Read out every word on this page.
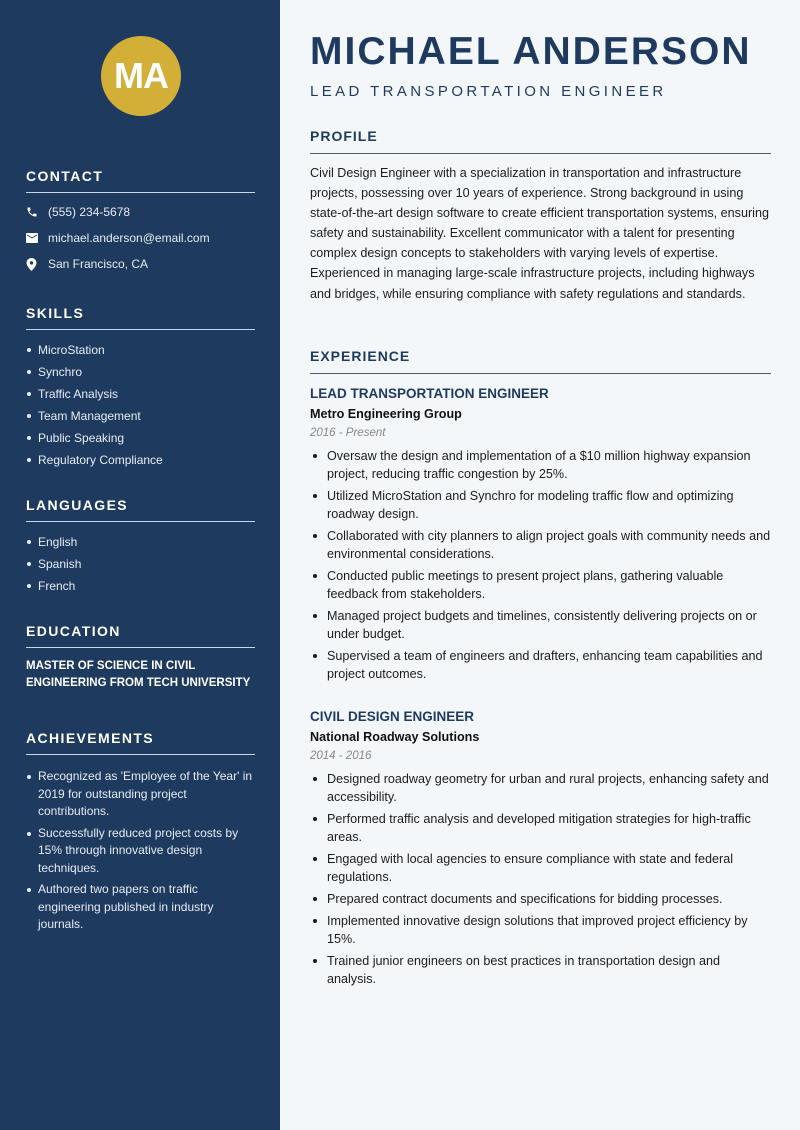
MA
CONTACT
(555) 234-5678
michael.anderson@email.com
San Francisco, CA
SKILLS
MicroStation
Synchro
Traffic Analysis
Team Management
Public Speaking
Regulatory Compliance
LANGUAGES
English
Spanish
French
EDUCATION
MASTER OF SCIENCE IN CIVIL ENGINEERING FROM TECH UNIVERSITY
ACHIEVEMENTS
Recognized as 'Employee of the Year' in 2019 for outstanding project contributions.
Successfully reduced project costs by 15% through innovative design techniques.
Authored two papers on traffic engineering published in industry journals.
MICHAEL ANDERSON
LEAD TRANSPORTATION ENGINEER
PROFILE
Civil Design Engineer with a specialization in transportation and infrastructure projects, possessing over 10 years of experience. Strong background in using state-of-the-art design software to create efficient transportation systems, ensuring safety and sustainability. Excellent communicator with a talent for presenting complex design concepts to stakeholders with varying levels of expertise. Experienced in managing large-scale infrastructure projects, including highways and bridges, while ensuring compliance with safety regulations and standards.
EXPERIENCE
LEAD TRANSPORTATION ENGINEER
Metro Engineering Group
2016 - Present
Oversaw the design and implementation of a $10 million highway expansion project, reducing traffic congestion by 25%.
Utilized MicroStation and Synchro for modeling traffic flow and optimizing roadway design.
Collaborated with city planners to align project goals with community needs and environmental considerations.
Conducted public meetings to present project plans, gathering valuable feedback from stakeholders.
Managed project budgets and timelines, consistently delivering projects on or under budget.
Supervised a team of engineers and drafters, enhancing team capabilities and project outcomes.
CIVIL DESIGN ENGINEER
National Roadway Solutions
2014 - 2016
Designed roadway geometry for urban and rural projects, enhancing safety and accessibility.
Performed traffic analysis and developed mitigation strategies for high-traffic areas.
Engaged with local agencies to ensure compliance with state and federal regulations.
Prepared contract documents and specifications for bidding processes.
Implemented innovative design solutions that improved project efficiency by 15%.
Trained junior engineers on best practices in transportation design and analysis.
